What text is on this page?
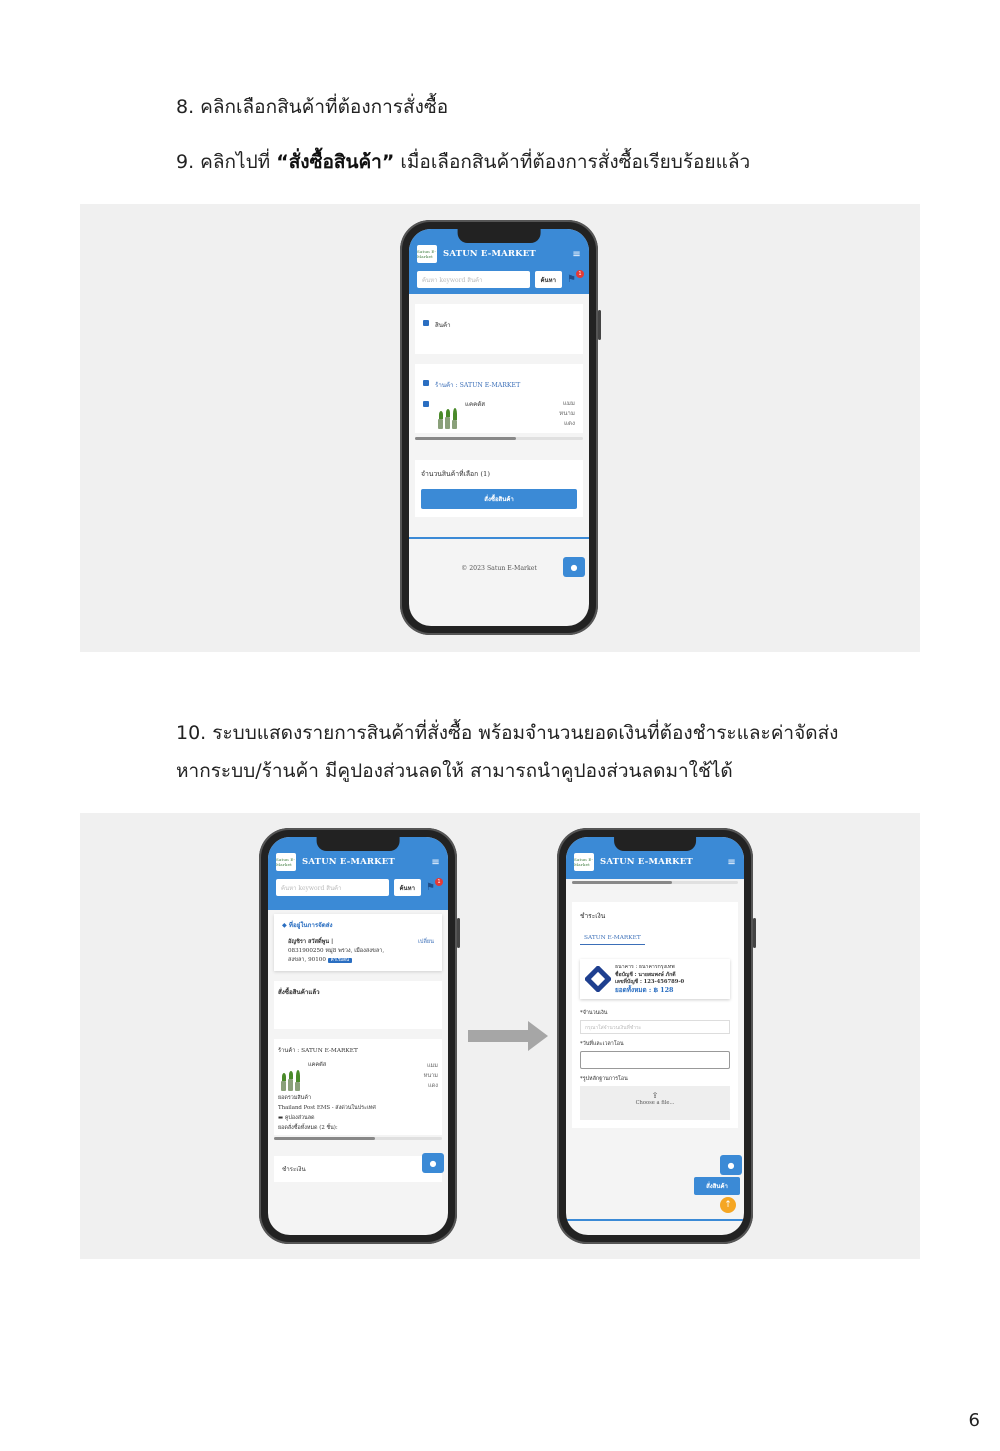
8. คลิกเลือกสินค้าที่ต้องการสั่งซื้อ
9. คลิกไปที่ “สั่งซื้อสินค้า” เมื่อเลือกสินค้าที่ต้องการสั่งซื้อเรียบร้อยแล้ว
Satun E-Market	SATUN E-MARKET	≡
ค้นหา keyword สินค้า	ค้นหา	⚑ 1
สินค้า
ร้านค้า : SATUN E-MARKET
แคคตัส	แมม
หนาม
แดง
จำนวนสินค้าที่เลือก (1)
สั่งซื้อสินค้า
© 2023 Satun E-Market	●
10. ระบบแสดงรายการสินค้าที่สั่งซื้อ พร้อมจำนวนยอดเงินที่ต้องชำระและค่าจัดส่ง
หากระบบ/ร้านค้า มีคูปองส่วนลดให้ สามารถนำคูปองส่วนลดมาใช้ได้
Satun E-Market	SATUN E-MARKET	≡
ค้นหา keyword สินค้า	ค้นหา	⚑ 1
◆ ที่อยู่ในการจัดส่ง
อัญชิรา สวัสดิ์พูน |
0831900250 หมู่8 พรวง, เมืองสงขลา,
สงขลา, 90100 ค่าเริ่มต้น
เปลี่ยน
สั่งซื้อสินค้าแล้ว
ร้านค้า : SATUN E-MARKET
แคคตัส	แมม
หนาม
แดง
ยอดรวมสินค้า
Thailand Post EMS - ส่งด่วนในประเทศ
▬ คูปองส่วนลด
ยอดสั่งซื้อทั้งหมด (2 ชิ้น):
ชำระเงิน
●
Satun E-Market	SATUN E-MARKET	≡
ชำระเงิน
SATUN E-MARKET
ธนาคาร : ธนาคารกรุงเทพ
ชื่อบัญชี : นายสมพงษ์ ภักดี
เลขที่บัญชี : 123-456789-0
ยอดทั้งหมด : ฿ 128
*จำนวนเงิน
กรุณาใส่จำนวนเงินที่ชำระ
*วันที่และเวลาโอน
*รูปหลักฐานการโอน
⇪
Choose a file...
●
สั่งสินค้า
↑
6
